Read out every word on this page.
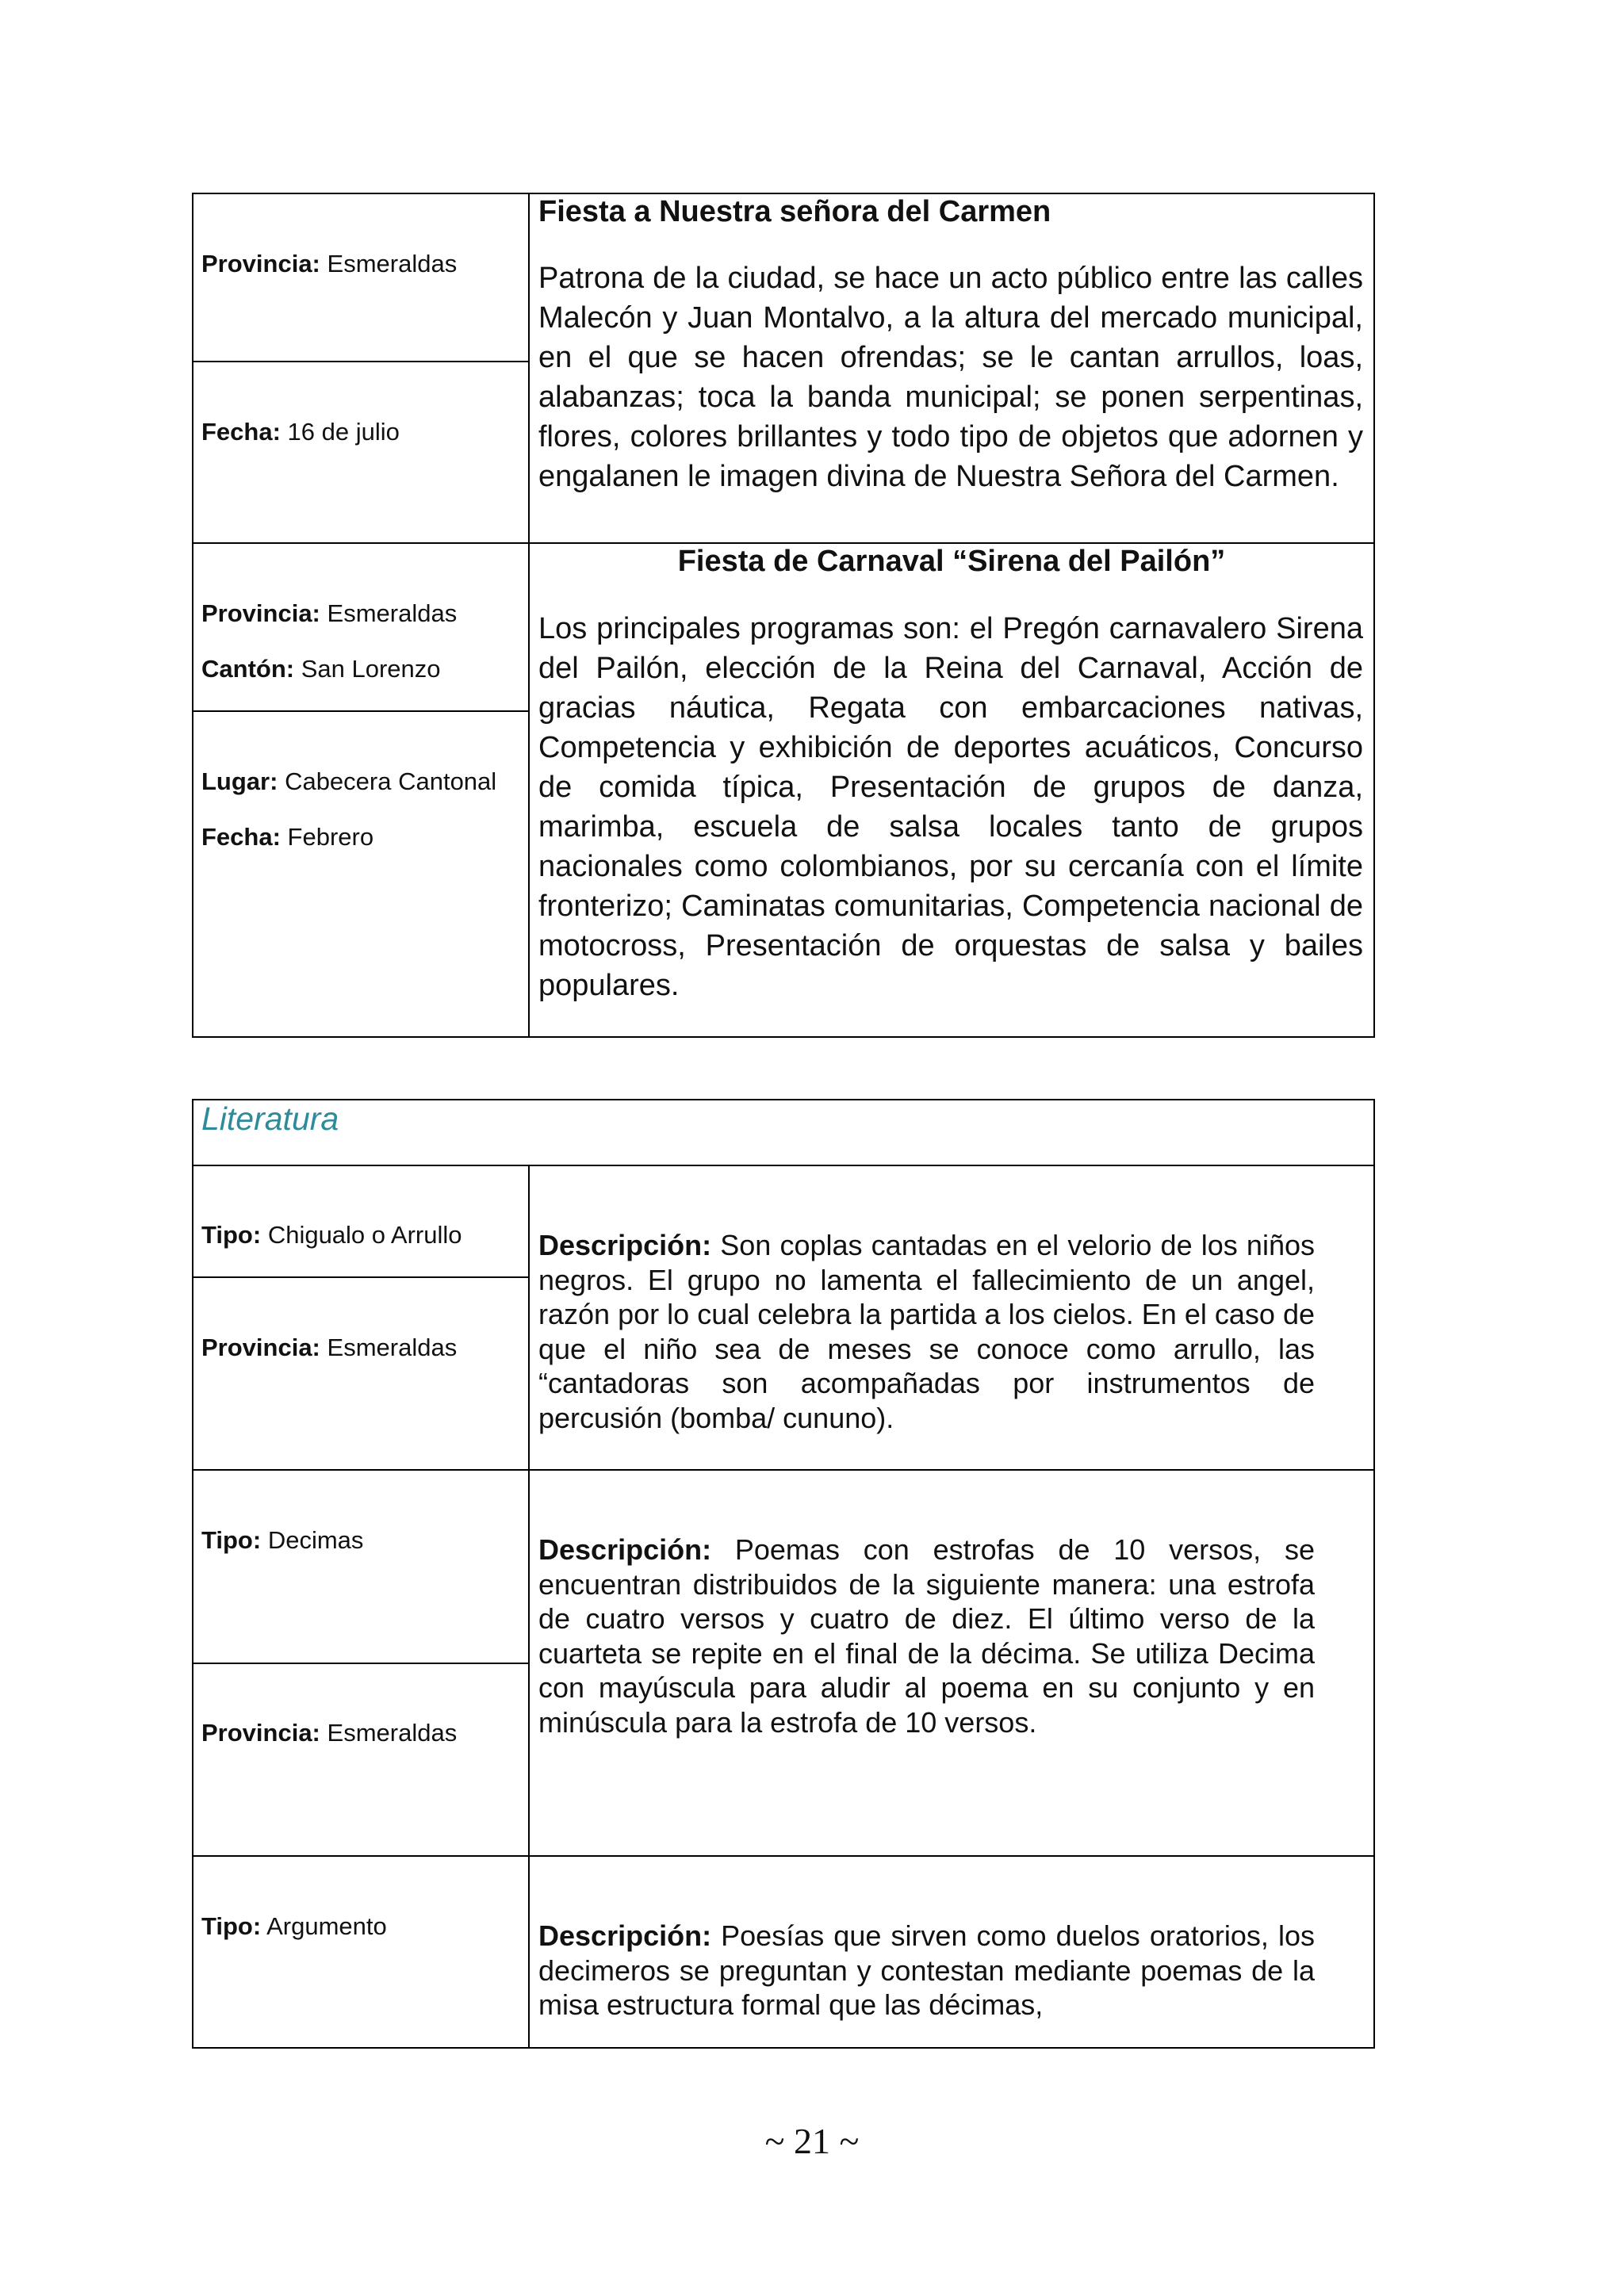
Provincia: Esmeraldas
Fecha: 16 de julio
Fiesta a Nuestra señora del Carmen
Patrona de la ciudad, se hace un acto público entre las calles Malecón y Juan Montalvo, a la altura del mercado municipal, en el que se hacen ofrendas; se le cantan arrullos, loas, alabanzas; toca la banda municipal; se ponen serpentinas, flores, colores brillantes y todo tipo de objetos que adornen y engalanen le imagen divina de Nuestra Señora del Carmen.
Provincia: Esmeraldas
Cantón: San Lorenzo
Lugar: Cabecera Cantonal
Fecha: Febrero
Fiesta de Carnaval “Sirena del Pailón”
Los principales programas son: el Pregón carnavalero Sirena del Pailón, elección de la Reina del Carnaval, Acción de gracias náutica, Regata con embarcaciones nativas, Competencia y exhibición de deportes acuáticos, Concurso de comida típica, Presentación de grupos de danza, marimba, escuela de salsa locales tanto de grupos nacionales como colombianos, por su cercanía con el límite fronterizo; Caminatas comunitarias, Competencia nacional de motocross, Presentación de orquestas de salsa y bailes populares.
Literatura
Tipo: Chigualo o Arrullo
Provincia: Esmeraldas
Descripción: Son coplas cantadas en el velorio de los niños negros. El grupo no lamenta el fallecimiento de un angel, razón por lo cual celebra la partida a los cielos. En el caso de que el niño sea de meses se conoce como arrullo, las “cantadoras son acompañadas por instrumentos de percusión (bomba/ cununo).
Tipo: Decimas
Provincia: Esmeraldas
Descripción: Poemas con estrofas de 10 versos, se encuentran distribuidos de la siguiente manera: una estrofa de cuatro versos y cuatro de diez. El último verso de la cuarteta se repite en el final de la décima. Se utiliza Decima con mayúscula para aludir al poema en su conjunto y en minúscula para la estrofa de 10 versos.
Tipo: Argumento	Descripción: Poesías que sirven como duelos oratorios, los decimeros se preguntan y contestan mediante poemas de la misa estructura formal que las décimas,
~ 21 ~
